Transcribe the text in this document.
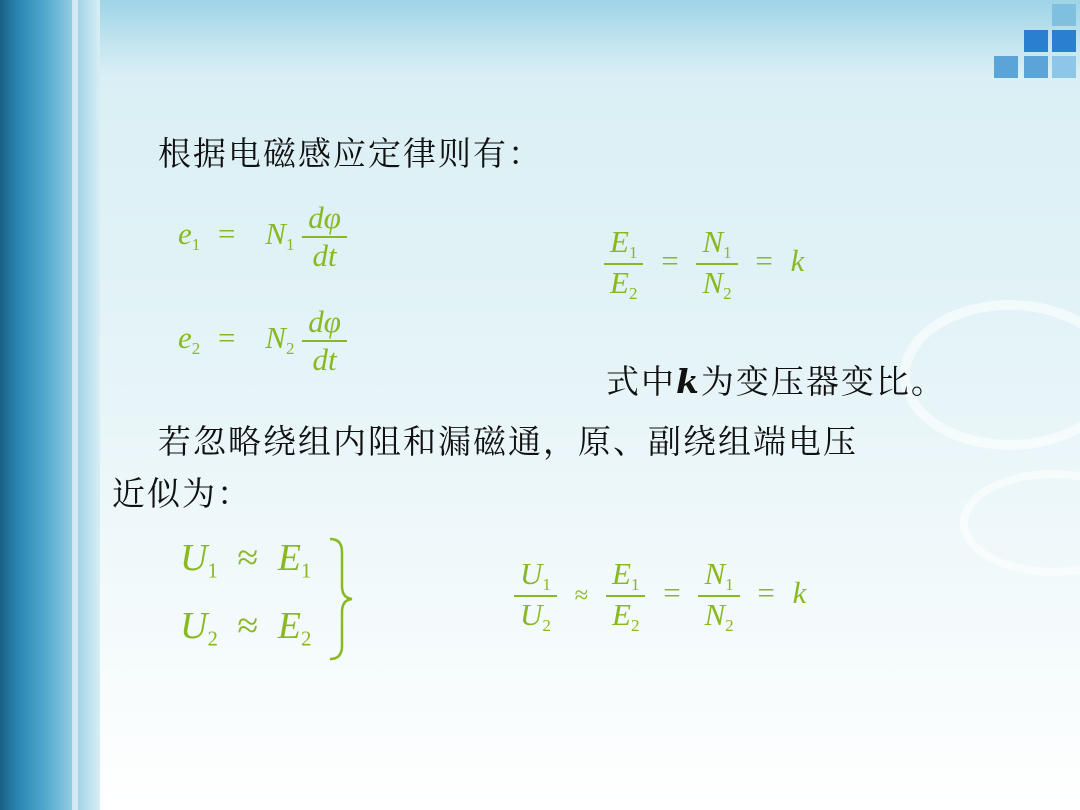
根据电磁感应定律则有：
$e_1 = N_1 \frac{d\varphi}{dt}$
$e_2 = N_2 \frac{d\varphi}{dt}$
$\frac{E_1}{E_2} = \frac{N_1}{N_2} = k$
式中k为变压器变比。
若忽略绕组内阻和漏磁通，原、副绕组端电压
近似为：
$U_1 \approx E_1$
$U_2 \approx E_2$
$\frac{U_1}{U_2} \approx \frac{E_1}{E_2} = \frac{N_1}{N_2} = k$
